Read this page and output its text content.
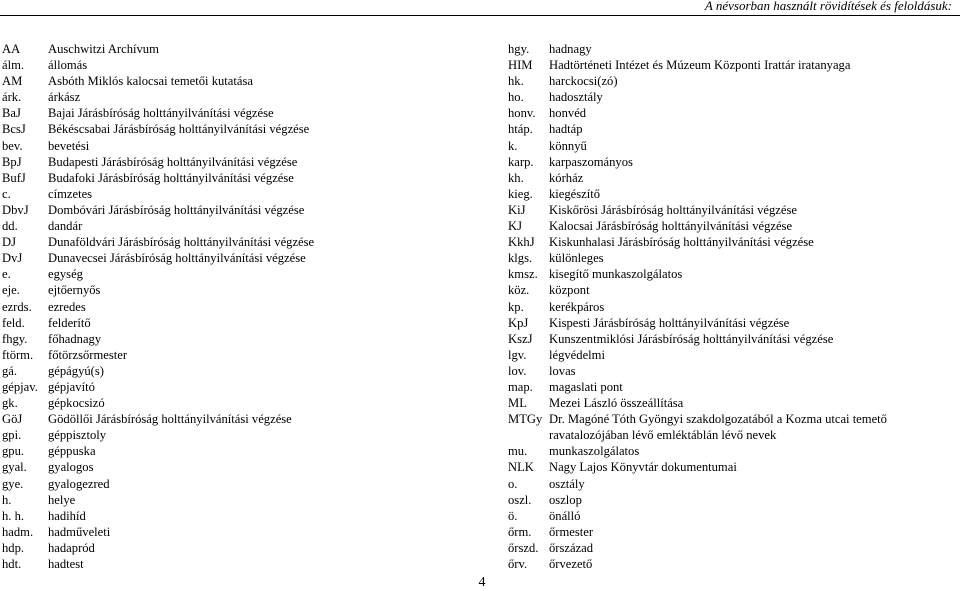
A névsorban használt rövidítések és feloldásuk:
AA	Auschwitzi Archívum
álm.	állomás
AM	Asbóth Miklós kalocsai temetői kutatása
árk.	árkász
BaJ	Bajai Járásbíróság holttányilvánítási végzése
BcsJ	Békéscsabai Járásbíróság holttányilvánítási végzése
bev.	bevetési
BpJ	Budapesti Járásbíróság holttányilvánítási végzése
BufJ	Budafoki Járásbíróság holttányilvánítási végzése
c.	címzetes
DbvJ	Dombóvári Járásbíróság holttányilvánítási végzése
dd.	dandár
DJ	Dunaföldvári Járásbíróság holttányilvánítási végzése
DvJ	Dunavecsei Járásbíróság holttányilvánítási végzése
e.	egység
eje.	ejtőernyős
ezrds.	ezredes
feld.	felderítő
fhgy.	főhadnagy
ftörm.	főtörzsőrmester
gá.	gépágyú(s)
gépjav. gépjavító
gk.	gépkocsizó
GöJ	Gödöllői Járásbíróság holttányilvánítási végzése
gpi.	géppisztoly
gpu.	géppuska
gyal.	gyalogos
gye.	gyalogezred
h.	helye
h. h.	hadihíd
hadm.	hadműveleti
hdp.	hadapród
hdt.	hadtest
hgy.	hadnagy
HIM	Hadtörténeti Intézet és Múzeum Központi Irattár iratanyaga
hk.	harckocsi(zó)
ho.	hadosztály
honv.	honvéd
htáp.	hadtáp
k.	könnyű
karp.	karpaszományos
kh.	kórház
kieg.	kiegészítő
KiJ	Kiskőrösi Járásbíróság holttányilvánítási végzése
KJ	Kalocsai Járásbíróság holttányilvánítási végzése
KkhJ	Kiskunhalasi Járásbíróság holttányilvánítási végzése
klgs.	különleges
kmsz. kisegítő munkaszolgálatos
köz.	központ
kp.	kerékpáros
KpJ	Kispesti Járásbíróság holttányilvánítási végzése
KszJ	Kunszentmiklósi Járásbíróság holttányilvánítási végzése
lgv.	légvédelmi
lov.	lovas
map.	magaslati pont
ML	Mezei László összeállítása
MTGy Dr. Magóné Tóth Gyöngyi szakdolgozatából a Kozma utcai temető ravatalozójában lévő emléktáblán lévő nevek
mu.	munkaszolgálatos
NLK	Nagy Lajos Könyvtár dokumentumai
o.	osztály
oszl.	oszlop
ö.	önálló
őrm.	őrmester
őrszd. őrszázad
őrv.	őrvezető
4
